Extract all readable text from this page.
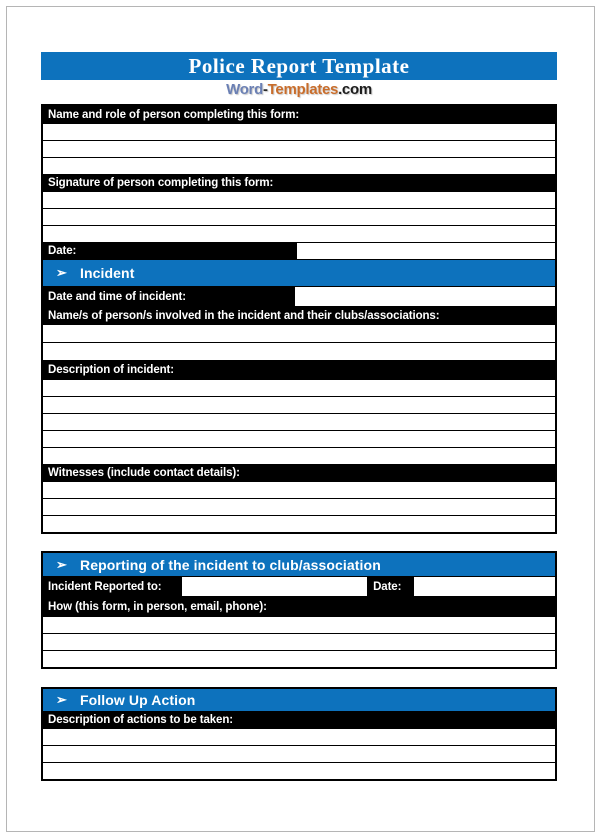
Police Report Template
Word-Templates.com
Name and role of person completing this form:
Signature of person completing this form:
Date:
➢ Incident
Date and time of incident:
Name/s of person/s involved in the incident and their clubs/associations:
Description of incident:
Witnesses (include contact details):
➢ Reporting of the incident to club/association
Incident Reported to:	Date:
How (this form, in person, email, phone):
➢ Follow Up Action
Description of actions to be taken:
